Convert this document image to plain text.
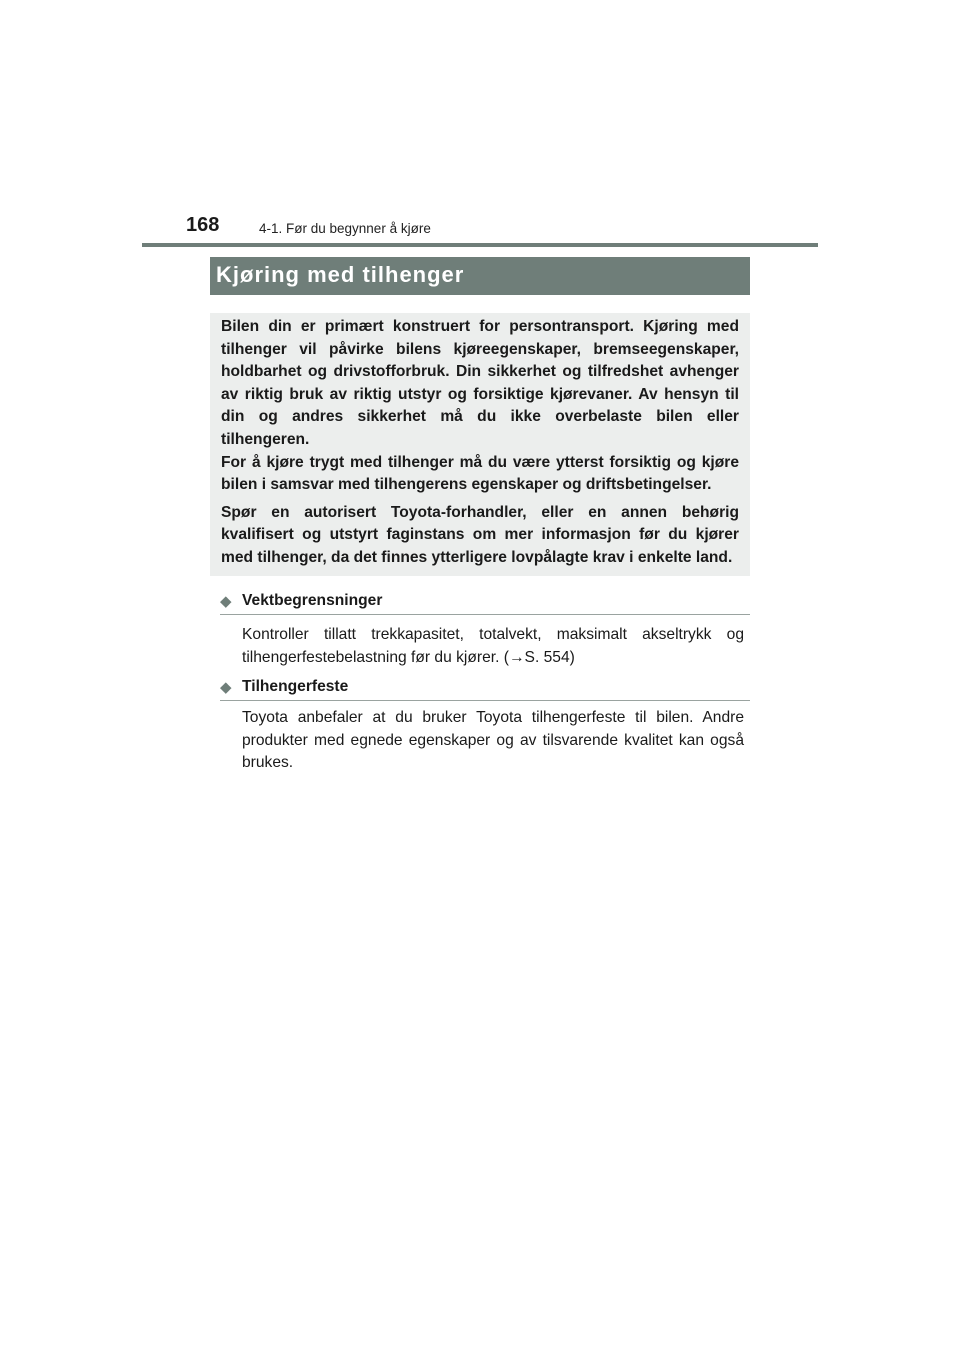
168	4-1. Før du begynner å kjøre
Kjøring med tilhenger

Bilen din er primært konstruert for persontransport. Kjøring med tilhenger vil påvirke bilens kjøreegenskaper, bremseegenskaper, holdbarhet og drivstofforbruk. Din sikkerhet og tilfredshet avhenger av riktig bruk av riktig utstyr og forsiktige kjørevaner. Av hensyn til din og andres sikkerhet må du ikke overbelaste bilen eller tilhengeren.

For å kjøre trygt med tilhenger må du være ytterst forsiktig og kjøre bilen i samsvar med tilhengerens egenskaper og driftsbetingelser.

Spør en autorisert Toyota-forhandler, eller en annen behørig kvalifisert og utstyrt faginstans om mer informasjon før du kjører med tilhenger, da det finnes ytterligere lovpålagte krav i enkelte land.

◆ Vektbegrensninger
Kontroller tillatt trekkapasitet, totalvekt, maksimalt akseltrykk og tilhengerfestebelastning før du kjører. (→S. 554)
◆ Tilhengerfeste
Toyota anbefaler at du bruker Toyota tilhengerfeste til bilen. Andre produkter med egnede egenskaper og av tilsvarende kvalitet kan også brukes.
